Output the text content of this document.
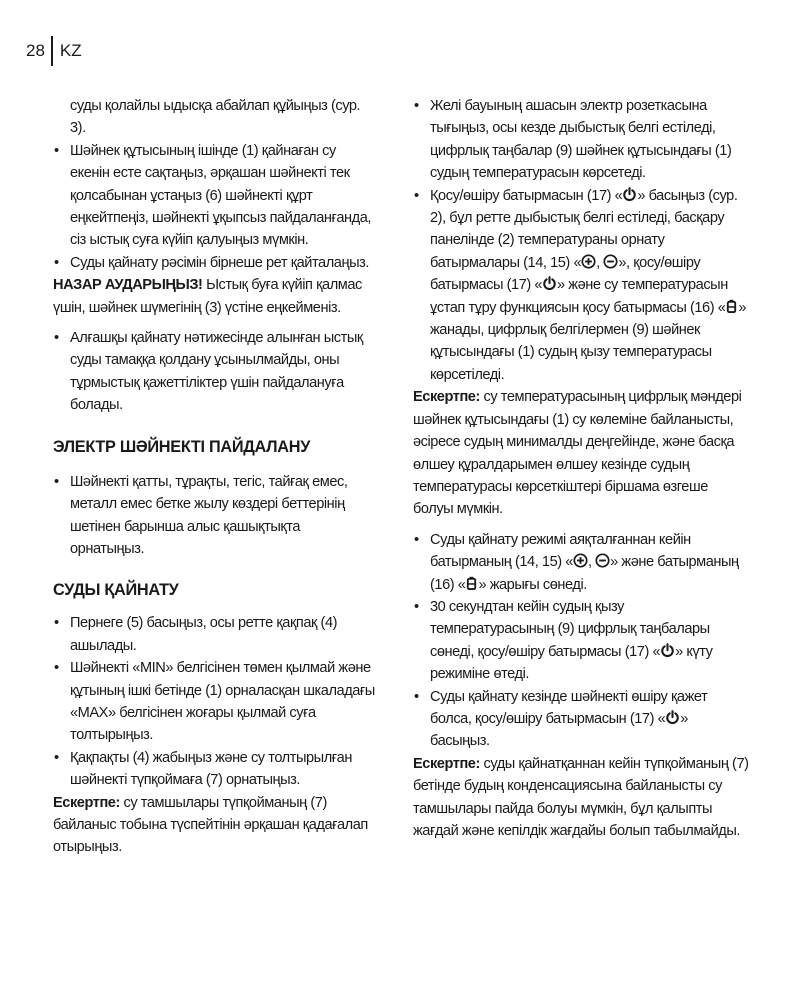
28 KZ

суды қолайлы ыдысқа абайлап құйыңыз (сур. 3).

• Шәйнек құтысының ішінде (1) қайнаған су екенін есте сақтаңыз, әрқашан шәйнекті тек қолсабынан ұстаңыз (6) шәйнекті құрт еңкейтпеңіз, шәйнекті ұқыпсыз пайдаланғанда, сіз ыстық суға күйіп қалуыңыз мүмкін.

• Суды қайнату рәсімін бірнеше рет қайталаңыз.

НАЗАР АУДАРЫҢЫЗ! Ыстық буға күйіп қалмас үшін, шәйнек шүмегінің (3) үстіне еңкейменіз.

• Алғашқы қайнату нәтижесінде алынған ыстық суды тамаққа қолдану ұсынылмайды, оны тұрмыстық қажеттіліктер үшін пайдалануға болады.

ЭЛЕКТР ШӘЙНЕКТІ ПАЙДАЛАНУ

• Шәйнекті қатты, тұрақты, тегіс, тайғақ емес, металл емес бетке жылу көздері беттерінің шетінен барынша алыс қашықтықта орнатыңыз.

СУДЫ ҚАЙНАТУ

• Пернеге (5) басыңыз, осы ретте қақпақ (4) ашылады.

• Шәйнекті «MIN» белгісінен төмен қылмай және құтының ішкі бетінде (1) орналасқан шкаладағы «MAX» белгісінен жоғары қылмай суға толтырыңыз.

• Қақпақты (4) жабыңыз және су толтырылған шәйнекті түпқоймаға (7) орнатыңыз.

Ескертпе: су тамшылары түпқойманың (7) байланыс тобына түспейтінін әрқашан қадағалап отырыңыз.

• Желі бауының ашасын электр розеткасына тығыңыз, осы кезде дыбыстық белгі естіледі, цифрлық таңбалар (9) шәйнек құтысындағы (1) судың температурасын көрсетеді.

• Қосу/өшіру батырмасын (17) « » басыңыз (сур. 2), бұл ретте дыбыстық белгі естіледі, басқару панелінде (2) температураны орнату батырмалары (14, 15) « ,
», қосу/өшіру батырмасы (17) « » және су температурасын ұстап тұру функциясын қосу батырмасы (16) « » жанады, цифрлық белгілермен (9) шәйнек құтысындағы (1) судың қызу температурасы көрсетіледі.

Ескертпе: су температурасының цифрлық мәндері шәйнек құтысындағы (1) су көлеміне байланысты, әсіресе судың минималды деңгейінде, және басқа өлшеу құралдарымен өлшеу кезінде судың температурасы көрсеткіштері біршама өзгеше болуы мүмкін.

• Суды қайнату режимі аяқталғаннан кейін батырманың (14, 15) « ,
» және батырманың (16) « » жарығы сөнеді.

• 30 секундтан кейін судың қызу температурасының (9) цифрлық таңбалары сөнеді, қосу/өшіру батырмасы (17) « » күту режиміне өтеді.

• Суды қайнату кезінде шәйнекті өшіру қажет болса, қосу/өшіру батырмасын (17) « » басыңыз.

Ескертпе: суды қайнатқаннан кейін түпқойманың (7) бетінде будың конденсациясына байланысты су тамшылары пайда болуы мүмкін, бұл қалыпты жағдай және кепілдік жағдайы болып табылмайды.
